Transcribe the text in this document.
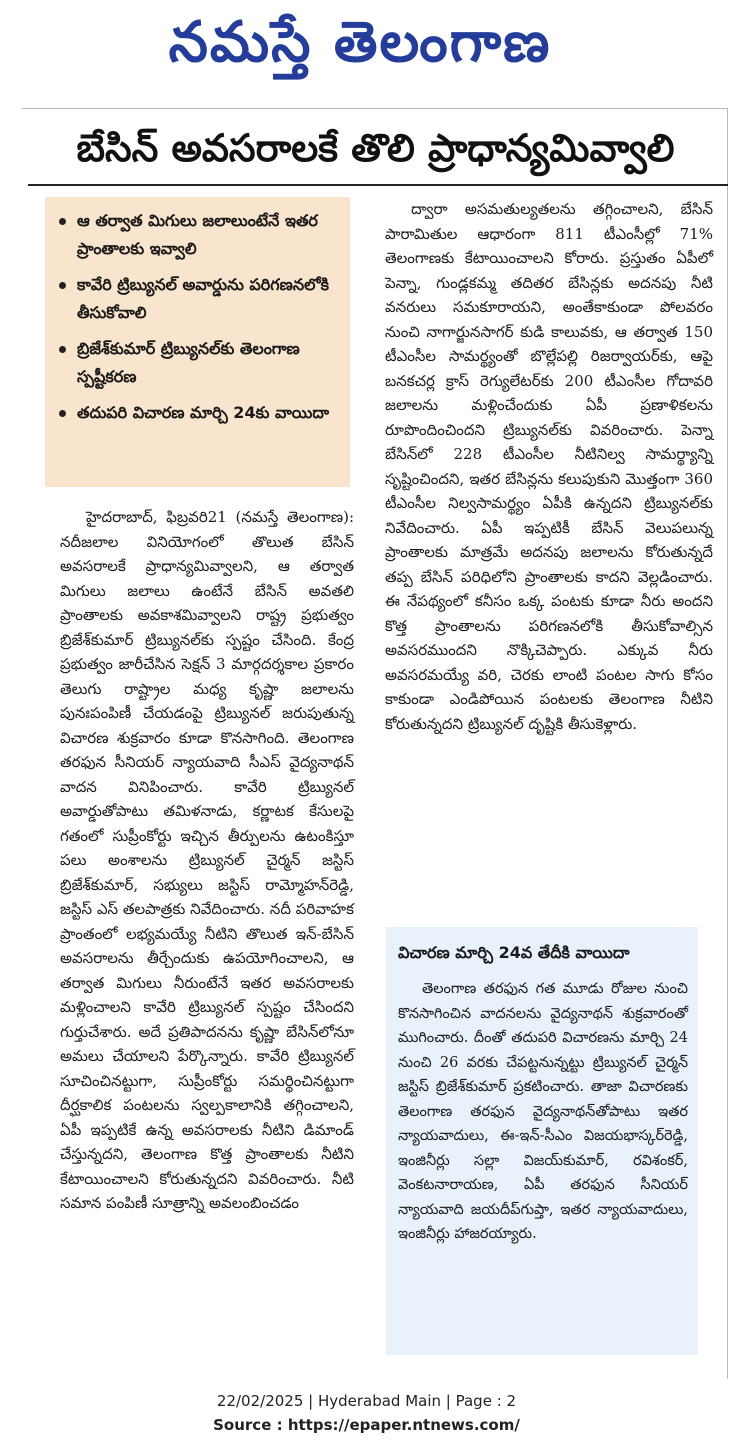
నమస్తే తెలంగాణ
బేసిన్ అవసరాలకే తొలి ప్రాధాన్యమివ్వాలి
ఆ తర్వాత మిగులు జలాలుంటేనే ఇతర ప్రాంతాలకు ఇవ్వాలి
కావేరి ట్రిబ్యునల్ అవార్డును పరిగణనలోకి తీసుకోవాలి
బ్రిజేశ్‌కుమార్ ట్రిబ్యునల్‌కు తెలంగాణ స్పష్టీకరణ
తదుపరి విచారణ మార్చి 24కు వాయిదా

హైదరాబాద్, ఫిబ్రవరి21 (నమస్తే తెలంగాణ): నదీజలాల వినియోగంలో తొలుత బేసిన్ అవసరాలకే ప్రాధాన్యమివ్వాలని, ఆ తర్వాత మిగులు జలాలు ఉంటేనే బేసిన్ అవతలి ప్రాంతాలకు అవకాశమివ్వాలని రాష్ట్ర ప్రభుత్వం బ్రిజేశ్‌కుమార్ ట్రిబ్యునల్‌కు స్పష్టం చేసింది. కేంద్ర ప్రభుత్వం జారీచేసిన సెక్షన్ 3 మార్గదర్శకాల ప్రకారం తెలుగు రాష్ట్రాల మధ్య కృష్ణా జలాలను పునఃపంపిణీ చేయడంపై ట్రిబ్యునల్ జరుపుతున్న విచారణ శుక్రవారం కూడా కొనసాగింది. తెలంగాణ తరఫున సీనియర్ న్యాయవాది సీఎస్ వైద్యనాథన్ వాదన వినిపించారు. కావేరి ట్రిబ్యునల్ అవార్డుతోపాటు తమిళనాడు, కర్ణాటక కేసులపై గతంలో సుప్రీంకోర్టు ఇచ్చిన తీర్పులను ఉటంకిస్తూ పలు అంశాలను ట్రిబ్యునల్ చైర్మన్ జస్టిస్ బ్రిజేశ్‌కుమార్, సభ్యులు జస్టిస్ రామ్మోహన్‌రెడ్డి, జస్టిస్ ఎస్ తలపాత్రకు నివేదించారు. నదీ పరివాహక ప్రాంతంలో లభ్యమయ్యే నీటిని తొలుత ఇన్-బేసిన్ అవసరాలను తీర్చేందుకు ఉపయోగించాలని, ఆ తర్వాత మిగులు నీరుంటేనే ఇతర అవసరాలకు మళ్లించాలని కావేరి ట్రిబ్యునల్ స్పష్టం చేసిందని గుర్తుచేశారు. అదే ప్రతిపాదనను కృష్ణా బేసిన్‌లోనూ అమలు చేయాలని పేర్కొన్నారు. కావేరి ట్రిబ్యునల్ సూచించినట్టుగా, సుప్రీంకోర్టు సమర్థించినట్టుగా దీర్ఘకాలిక పంటలను స్వల్పకాలానికి తగ్గించాలని, ఏపీ ఇప్పటికే ఉన్న అవసరాలకు నీటిని డిమాండ్ చేస్తున్నదని, తెలంగాణ కొత్త ప్రాంతాలకు నీటిని కేటాయించాలని కోరుతున్నదని వివరించారు. నీటి సమాన పంపిణీ సూత్రాన్ని అవలంబించడం

ద్వారా అసమతుల్యతలను తగ్గించాలని, బేసిన్ పారామితుల ఆధారంగా 811 టీఎంసీల్లో 71% తెలంగాణకు కేటాయించాలని కోరారు. ప్రస్తుతం ఏపీలో పెన్నా, గుండ్లకమ్మ తదితర బేసిన్లకు అదనపు నీటి వనరులు సమకూరాయని, అంతేకాకుండా పోలవరం నుంచి నాగార్జునసాగర్ కుడి కాలువకు, ఆ తర్వాత 150 టీఎంసీల సామర్థ్యంతో బొల్లేపల్లి రిజర్వాయర్‌కు, ఆపై బనకచర్ల క్రాస్ రెగ్యులేటర్‌కు 200 టీఎంసీల గోదావరి జలాలను మళ్లించేందుకు ఏపీ ప్రణాళికలను రూపొందించిందని ట్రిబ్యునల్‌కు వివరించారు. పెన్నా బేసిన్‌లో 228 టీఎంసీల నీటినిల్వ సామర్థ్యాన్ని సృష్టించిందని, ఇతర బేసిన్లను కలుపుకుని మొత్తంగా 360 టీఎంసీల నిల్వసామర్థ్యం ఏపీకి ఉన్నదని ట్రిబ్యునల్‌కు నివేదించారు. ఏపీ ఇప్పటికీ బేసిన్ వెలుపలున్న ప్రాంతాలకు మాత్రమే అదనపు జలాలను కోరుతున్నదే తప్ప బేసిన్ పరిధిలోని ప్రాంతాలకు కాదని వెల్లడించారు. ఈ నేపథ్యంలో కనీసం ఒక్క పంటకు కూడా నీరు అందని కొత్త ప్రాంతాలను పరిగణనలోకి తీసుకోవాల్సిన అవసరముందని నొక్కిచెప్పారు. ఎక్కువ నీరు అవసరమయ్యే వరి, చెరకు లాంటి పంటల సాగు కోసం కాకుండా ఎండిపోయిన పంటలకు తెలంగాణ నీటిని కోరుతున్నదని ట్రిబ్యునల్ దృష్టికి తీసుకెళ్లారు.

విచారణ మార్చి 24వ తేదీకి వాయిదా

తెలంగాణ తరఫున గత మూడు రోజుల నుంచి కొనసాగించిన వాదనలను వైద్యనాథన్ శుక్రవారంతో ముగించారు. దీంతో తదుపరి విచారణను మార్చి 24 నుంచి 26 వరకు చేపట్టనున్నట్టు ట్రిబ్యునల్ చైర్మన్ జస్టిస్ బ్రిజేశ్‌కుమార్ ప్రకటించారు. తాజా విచారణకు తెలంగాణ తరఫున వైద్యనాథన్‌తోపాటు ఇతర న్యాయవాదులు, ఈ-ఇన్-సీఎం విజయభాస్కర్‌రెడ్డి, ఇంజినీర్లు సల్లా విజయ్‌కుమార్, రవిశంకర్, వెంకటనారాయణ, ఏపీ తరఫున సీనియర్ న్యాయవాది జయదీప్‌గుప్తా, ఇతర న్యాయవాదులు, ఇంజినీర్లు హాజరయ్యారు.

22/02/2025 | Hyderabad Main | Page : 2
Source : https://epaper.ntnews.com/
